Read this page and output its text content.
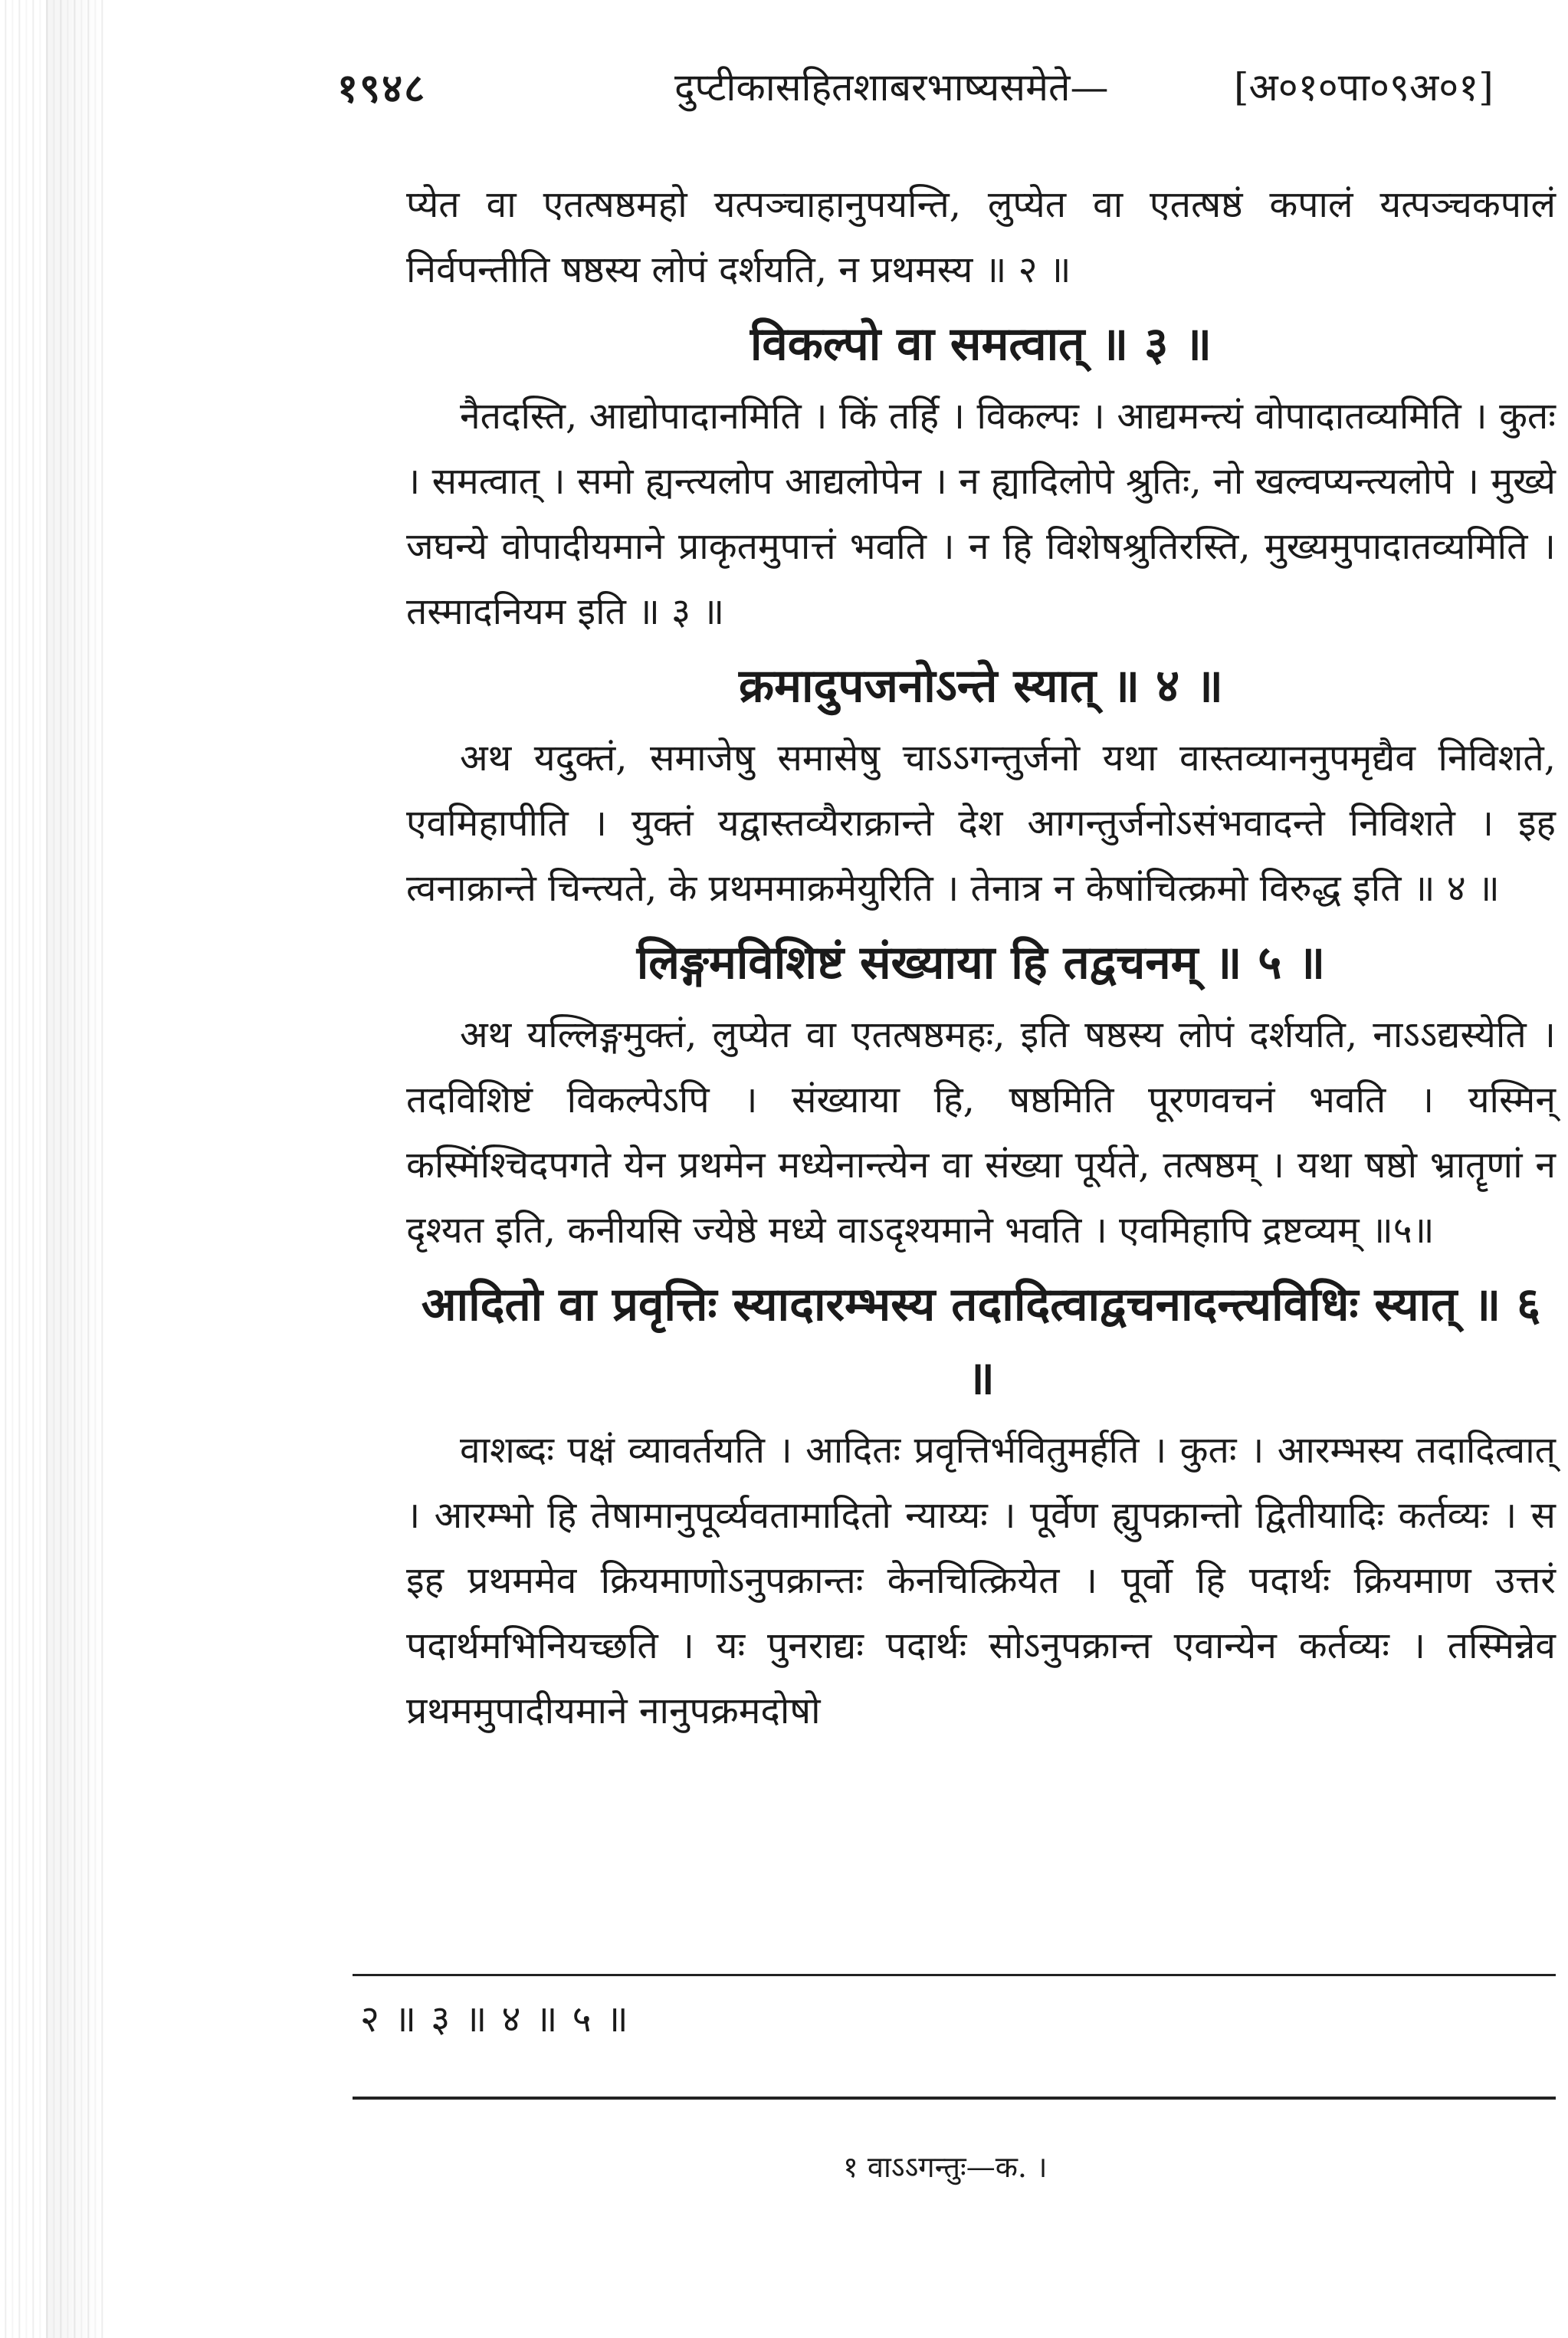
१९४८	दुप्टीकासहितशाबरभाष्यसमेते—	[अ०१०पा०९अ०१]

प्येत वा एतत्षष्ठमहो यत्पञ्चाहानुपयन्ति, लुप्येत वा एतत्षष्ठं कपालं यत्पञ्चकपालं निर्वपन्तीति षष्ठस्य लोपं दर्शयति, न प्रथमस्य ॥ २ ॥

विकल्पो वा समत्वात् ॥ ३ ॥

नैतदस्ति, आद्योपादानमिति । किं तर्हि । विकल्पः । आद्यमन्त्यं वोपादातव्यमिति । कुतः । समत्वात् । समो ह्यन्त्यलोप आद्यलोपेन । न ह्यादिलोपे श्रुतिः, नो खल्वप्यन्त्यलोपे । मुख्ये जघन्ये वोपादीयमाने प्राकृतमुपात्तं भवति । न हि विशेषश्रुतिरस्ति, मुख्यमुपादातव्यमिति । तस्मादनियम इति ॥ ३ ॥

क्रमादुपजनोऽन्ते स्यात् ॥ ४ ॥

अथ यदुक्तं, समाजेषु समासेषु चाऽऽगन्तुर्जनो यथा वास्तव्याननुपमृद्यैव निविशते, एवमिहापीति । युक्तं यद्वास्तव्यैराक्रान्ते देश आगन्तुर्जनोऽसंभवादन्ते निविशते । इह त्वनाक्रान्ते चिन्त्यते, के प्रथममाक्रमेयुरिति । तेनात्र न केषांचित्क्रमो विरुद्ध इति ॥ ४ ॥

लिङ्गमविशिष्टं संख्याया हि तद्वचनम् ॥ ५ ॥

अथ यल्लिङ्गमुक्तं, लुप्येत वा एतत्षष्ठमहः, इति षष्ठस्य लोपं दर्शयति, नाऽऽद्यस्येति । तदविशिष्टं विकल्पेऽपि । संख्याया हि, षष्ठमिति पूरणवचनं भवति । यस्मिन् कस्मिंश्चिदपगते येन प्रथमेन मध्येनान्त्येन वा संख्या पूर्यते, तत्षष्ठम् । यथा षष्ठो भ्रातॄणां न दृश्यत इति, कनीयसि ज्येष्ठे मध्ये वाऽदृश्यमाने भवति । एवमिहापि द्रष्टव्यम् ॥५॥

आदितो वा प्रवृत्तिः स्यादारम्भस्य तदादित्वाद्वचनादन्त्यविधिः स्यात् ॥ ६ ॥

वाशब्दः पक्षं व्यावर्तयति । आदितः प्रवृत्तिर्भवितुमर्हति । कुतः । आरम्भस्य तदादित्वात् । आरम्भो हि तेषामानुपूर्व्यवतामादितो न्याय्यः । पूर्वेण ह्युपक्रान्तो द्वितीयादिः कर्तव्यः । स इह प्रथममेव क्रियमाणोऽनुपक्रान्तः केनचित्क्रियेत । पूर्वो हि पदार्थः क्रियमाण उत्तरं पदार्थमभिनियच्छति । यः पुनराद्यः पदार्थः सोऽनुपक्रान्त एवान्येन कर्तव्यः । तस्मिन्नेव प्रथममुपादीयमाने नानुपक्रमदोषो

२ ॥ ३ ॥ ४ ॥ ५ ॥
१ वाऽऽगन्तुः—क. ।
